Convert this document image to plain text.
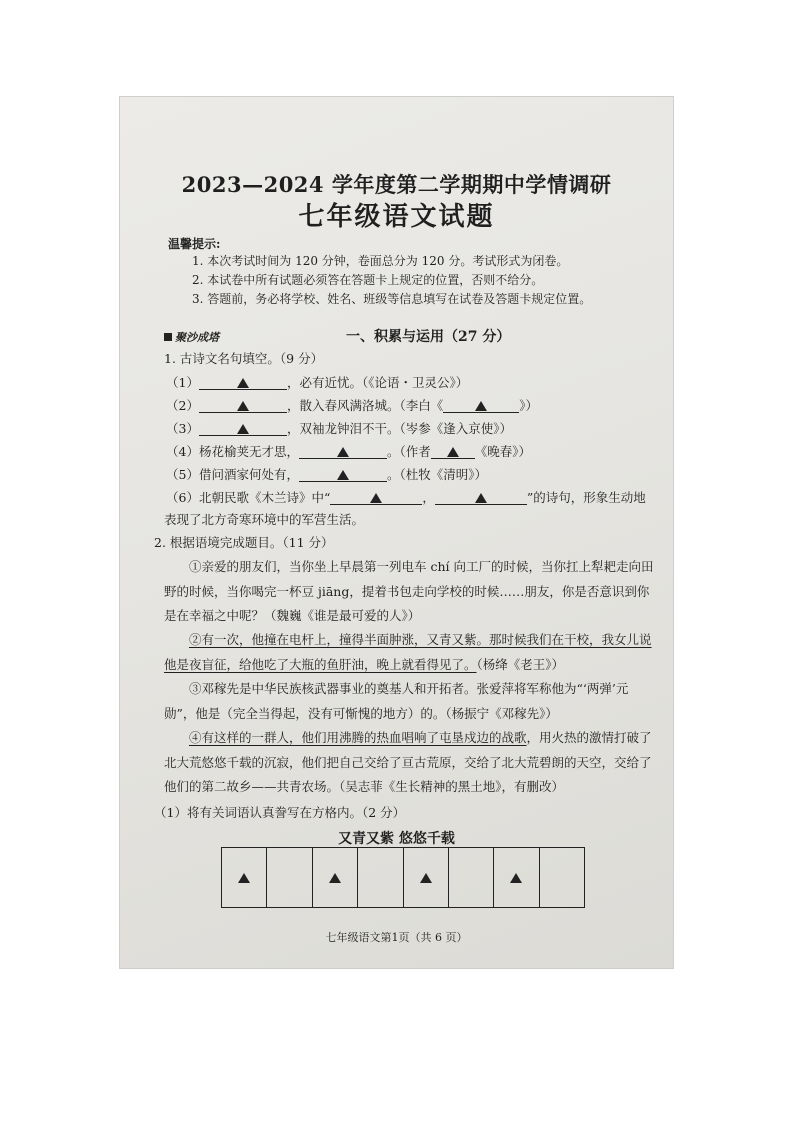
2023—2024 学年度第二学期期中学情调研
七年级语文试题
温馨提示:
1. 本次考试时间为 120 分钟，卷面总分为 120 分。考试形式为闭卷。
2. 本试卷中所有试题必须答在答题卡上规定的位置，否则不给分。
3. 答题前，务必将学校、姓名、班级等信息填写在试卷及答题卡规定位置。
聚沙成塔	一、积累与运用（27 分）
1. 古诗文名句填空。（9 分）
（1）	，必有近忧。（《论语・卫灵公》）
（2）	，散入春风满洛城。（李白《	》）
（3）	，双袖龙钟泪不干。（岑参《逢入京使》）
（4）杨花榆荚无才思，	。（作者	《晚春》）
（5）借问酒家何处有，	。（杜牧《清明》）
（6）北朝民歌《木兰诗》中“	，	”的诗句，形象生动地
表现了北方奇寒环境中的军营生活。
2. 根据语境完成题目。（11 分）
①亲爱的朋友们，当你坐上早晨第一列电车 chí 向工厂的时候，当你扛上犁耙走向田野的时候，当你喝完一杯豆 jiāng，提着书包走向学校的时候……朋友，你是否意识到你是在幸福之中呢？（魏巍《谁是最可爱的人》）
②有一次，他撞在电杆上，撞得半面肿涨，又青又紫。那时候我们在干校，我女儿说他是夜盲征，给他吃了大瓶的鱼肝油，晚上就看得见了。（杨绛《老王》）
③邓稼先是中华民族核武器事业的奠基人和开拓者。张爱萍将军称他为“‘两弹’元勋”，他是（完全当得起，没有可惭愧的地方）的。（杨振宁《邓稼先》）
④有这样的一群人，他们用沸腾的热血唱响了屯垦戍边的战歌，用火热的激情打破了北大荒悠悠千载的沉寂，他们把自己交给了亘古荒原，交给了北大荒碧朗的天空，交给了他们的第二故乡——共青农场。（吴志菲《生长精神的黑土地》，有删改）
（1）将有关词语认真誊写在方格内。（2 分）
又青又紫 悠悠千载
七年级语文第1页（共 6 页）
